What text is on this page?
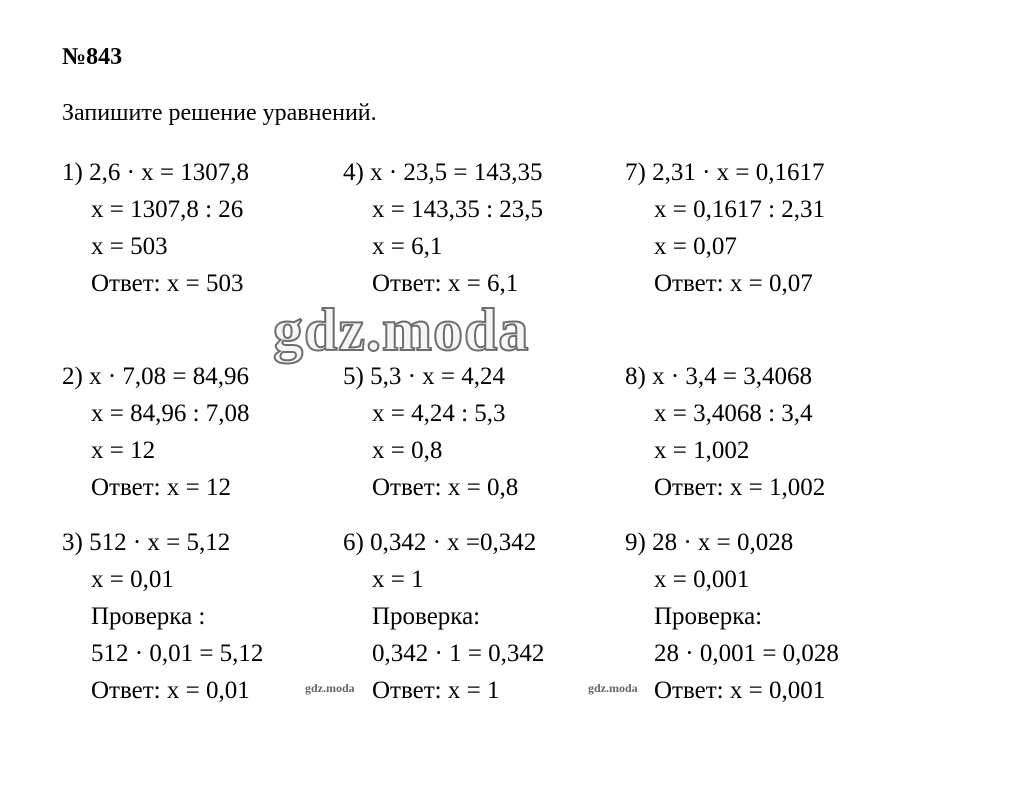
№843
Запишите решение уравнений.
1) 2,6 · x = 1307,8
x = 1307,8 : 26
x = 503
Ответ: x = 503
2) x · 7,08 = 84,96
x = 84,96 : 7,08
x = 12
Ответ: x = 12
3) 512 · x = 5,12
x = 0,01
Проверка :
512 · 0,01 = 5,12
Ответ: x = 0,01
4) x · 23,5 = 143,35
x = 143,35 : 23,5
x = 6,1
Ответ: x = 6,1
5) 5,3 · x = 4,24
x = 4,24 : 5,3
x = 0,8
Ответ: x = 0,8
6) 0,342 · x =0,342
x = 1
Проверка:
0,342 · 1 = 0,342
Ответ: x = 1
7) 2,31 · x = 0,1617
x = 0,1617 : 2,31
x = 0,07
Ответ: x = 0,07
8) x · 3,4 = 3,4068
x = 3,4068 : 3,4
x = 1,002
Ответ: x = 1,002
9) 28 · x = 0,028
x = 0,001
Проверка:
28 · 0,001 = 0,028
Ответ: x = 0,001
gdz.moda
gdz.moda	gdz.moda
